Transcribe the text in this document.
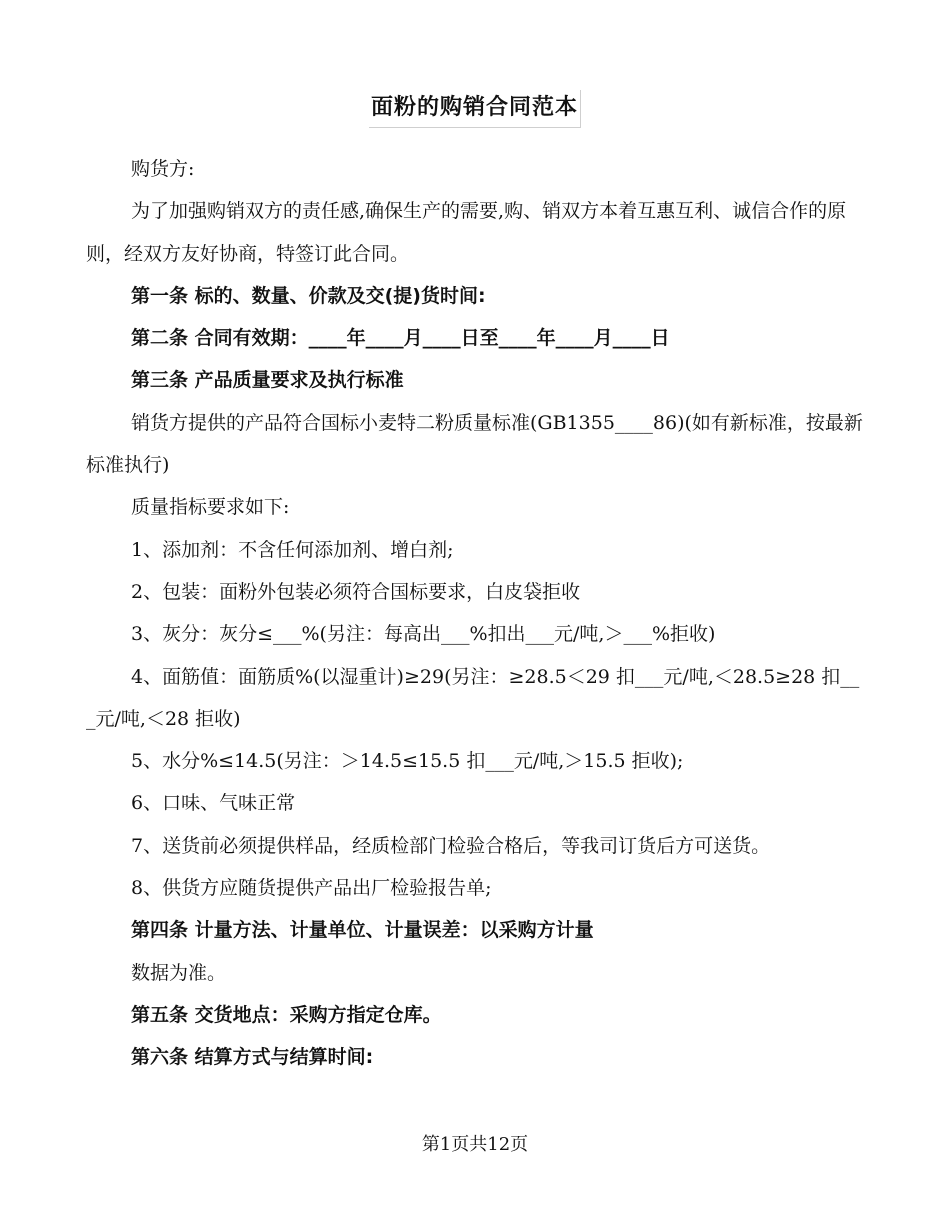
面粉的购销合同范本

购货方:

为了加强购销双方的责任感,确保生产的需要,购、销双方本着互惠互利、诚信合作的原则，经双方友好协商，特签订此合同。

第一条 标的、数量、价款及交(提)货时间:

第二条 合同有效期：____年____月____日至____年____月____日

第三条 产品质量要求及执行标准

销货方提供的产品符合国标小麦特二粉质量标准(GB1355____86)(如有新标准，按最新标准执行)

质量指标要求如下:

1、添加剂：不含任何添加剂、增白剂;

2、包装：面粉外包装必须符合国标要求，白皮袋拒收

3、灰分：灰分≤___%(另注：每高出___%扣出___元/吨,＞___%拒收)

4、面筋值：面筋质%(以湿重计)≥29(另注：≥28.5＜29 扣___元/吨,＜28.5≥28 扣___元/吨,＜28 拒收)

5、水分%≤14.5(另注：＞14.5≤15.5 扣___元/吨,＞15.5 拒收);

6、口味、气味正常

7、送货前必须提供样品，经质检部门检验合格后，等我司订货后方可送货。

8、供货方应随货提供产品出厂检验报告单;

第四条 计量方法、计量单位、计量误差：以采购方计量

数据为准。

第五条 交货地点：采购方指定仓库。

第六条 结算方式与结算时间:

第1页共12页
